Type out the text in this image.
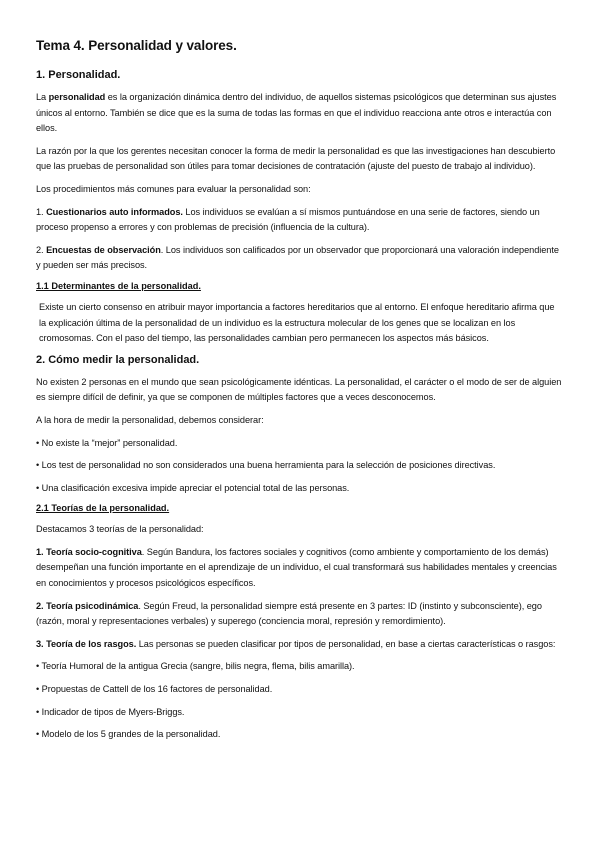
Tema 4. Personalidad y valores.
1. Personalidad.

La personalidad es la organización dinámica dentro del individuo, de aquellos sistemas psicológicos que determinan sus ajustes únicos al entorno. También se dice que es la suma de todas las formas en que el individuo reacciona ante otros e interactúa con ellos.

La razón por la que los gerentes necesitan conocer la forma de medir la personalidad es que las investigaciones han descubierto que las pruebas de personalidad son útiles para tomar decisiones de contratación (ajuste del puesto de trabajo al individuo).

Los procedimientos más comunes para evaluar la personalidad son:

1. Cuestionarios auto informados. Los individuos se evalúan a sí mismos puntuándose en una serie de factores, siendo un proceso propenso a errores y con problemas de precisión (influencia de la cultura).

2. Encuestas de observación. Los individuos son calificados por un observador que proporcionará una valoración independiente y pueden ser más precisos.

1.1 Determinantes de la personalidad.

Existe un cierto consenso en atribuir mayor importancia a factores hereditarios que al entorno. El enfoque hereditario afirma que la explicación última de la personalidad de un individuo es la estructura molecular de los genes que se localizan en los cromosomas. Con el paso del tiempo, las personalidades cambian pero permanecen los aspectos más básicos.

2. Cómo medir la personalidad.

No existen 2 personas en el mundo que sean psicológicamente idénticas. La personalidad, el carácter o el modo de ser de alguien es siempre difícil de definir, ya que se componen de múltiples factores que a veces desconocemos.

A la hora de medir la personalidad, debemos considerar:

• No existe la “mejor” personalidad.

• Los test de personalidad no son considerados una buena herramienta para la selección de posiciones directivas.

• Una clasificación excesiva impide apreciar el potencial total de las personas.

2.1 Teorías de la personalidad.

Destacamos 3 teorías de la personalidad:

1. Teoría socio-cognitiva. Según Bandura, los factores sociales y cognitivos (como ambiente y comportamiento de los demás) desempeñan una función importante en el aprendizaje de un individuo, el cual transformará sus habilidades mentales y creencias en conocimientos y procesos psicológicos específicos.

2. Teoría psicodinámica. Según Freud, la personalidad siempre está presente en 3 partes: ID (instinto y subconsciente), ego (razón, moral y representaciones verbales) y superego (conciencia moral, represión y remordimiento).

3. Teoría de los rasgos. Las personas se pueden clasificar por tipos de personalidad, en base a ciertas características o rasgos:

• Teoría Humoral de la antigua Grecia (sangre, bilis negra, flema, bilis amarilla).

• Propuestas de Cattell de los 16 factores de personalidad.

• Indicador de tipos de Myers-Briggs.

• Modelo de los 5 grandes de la personalidad.
